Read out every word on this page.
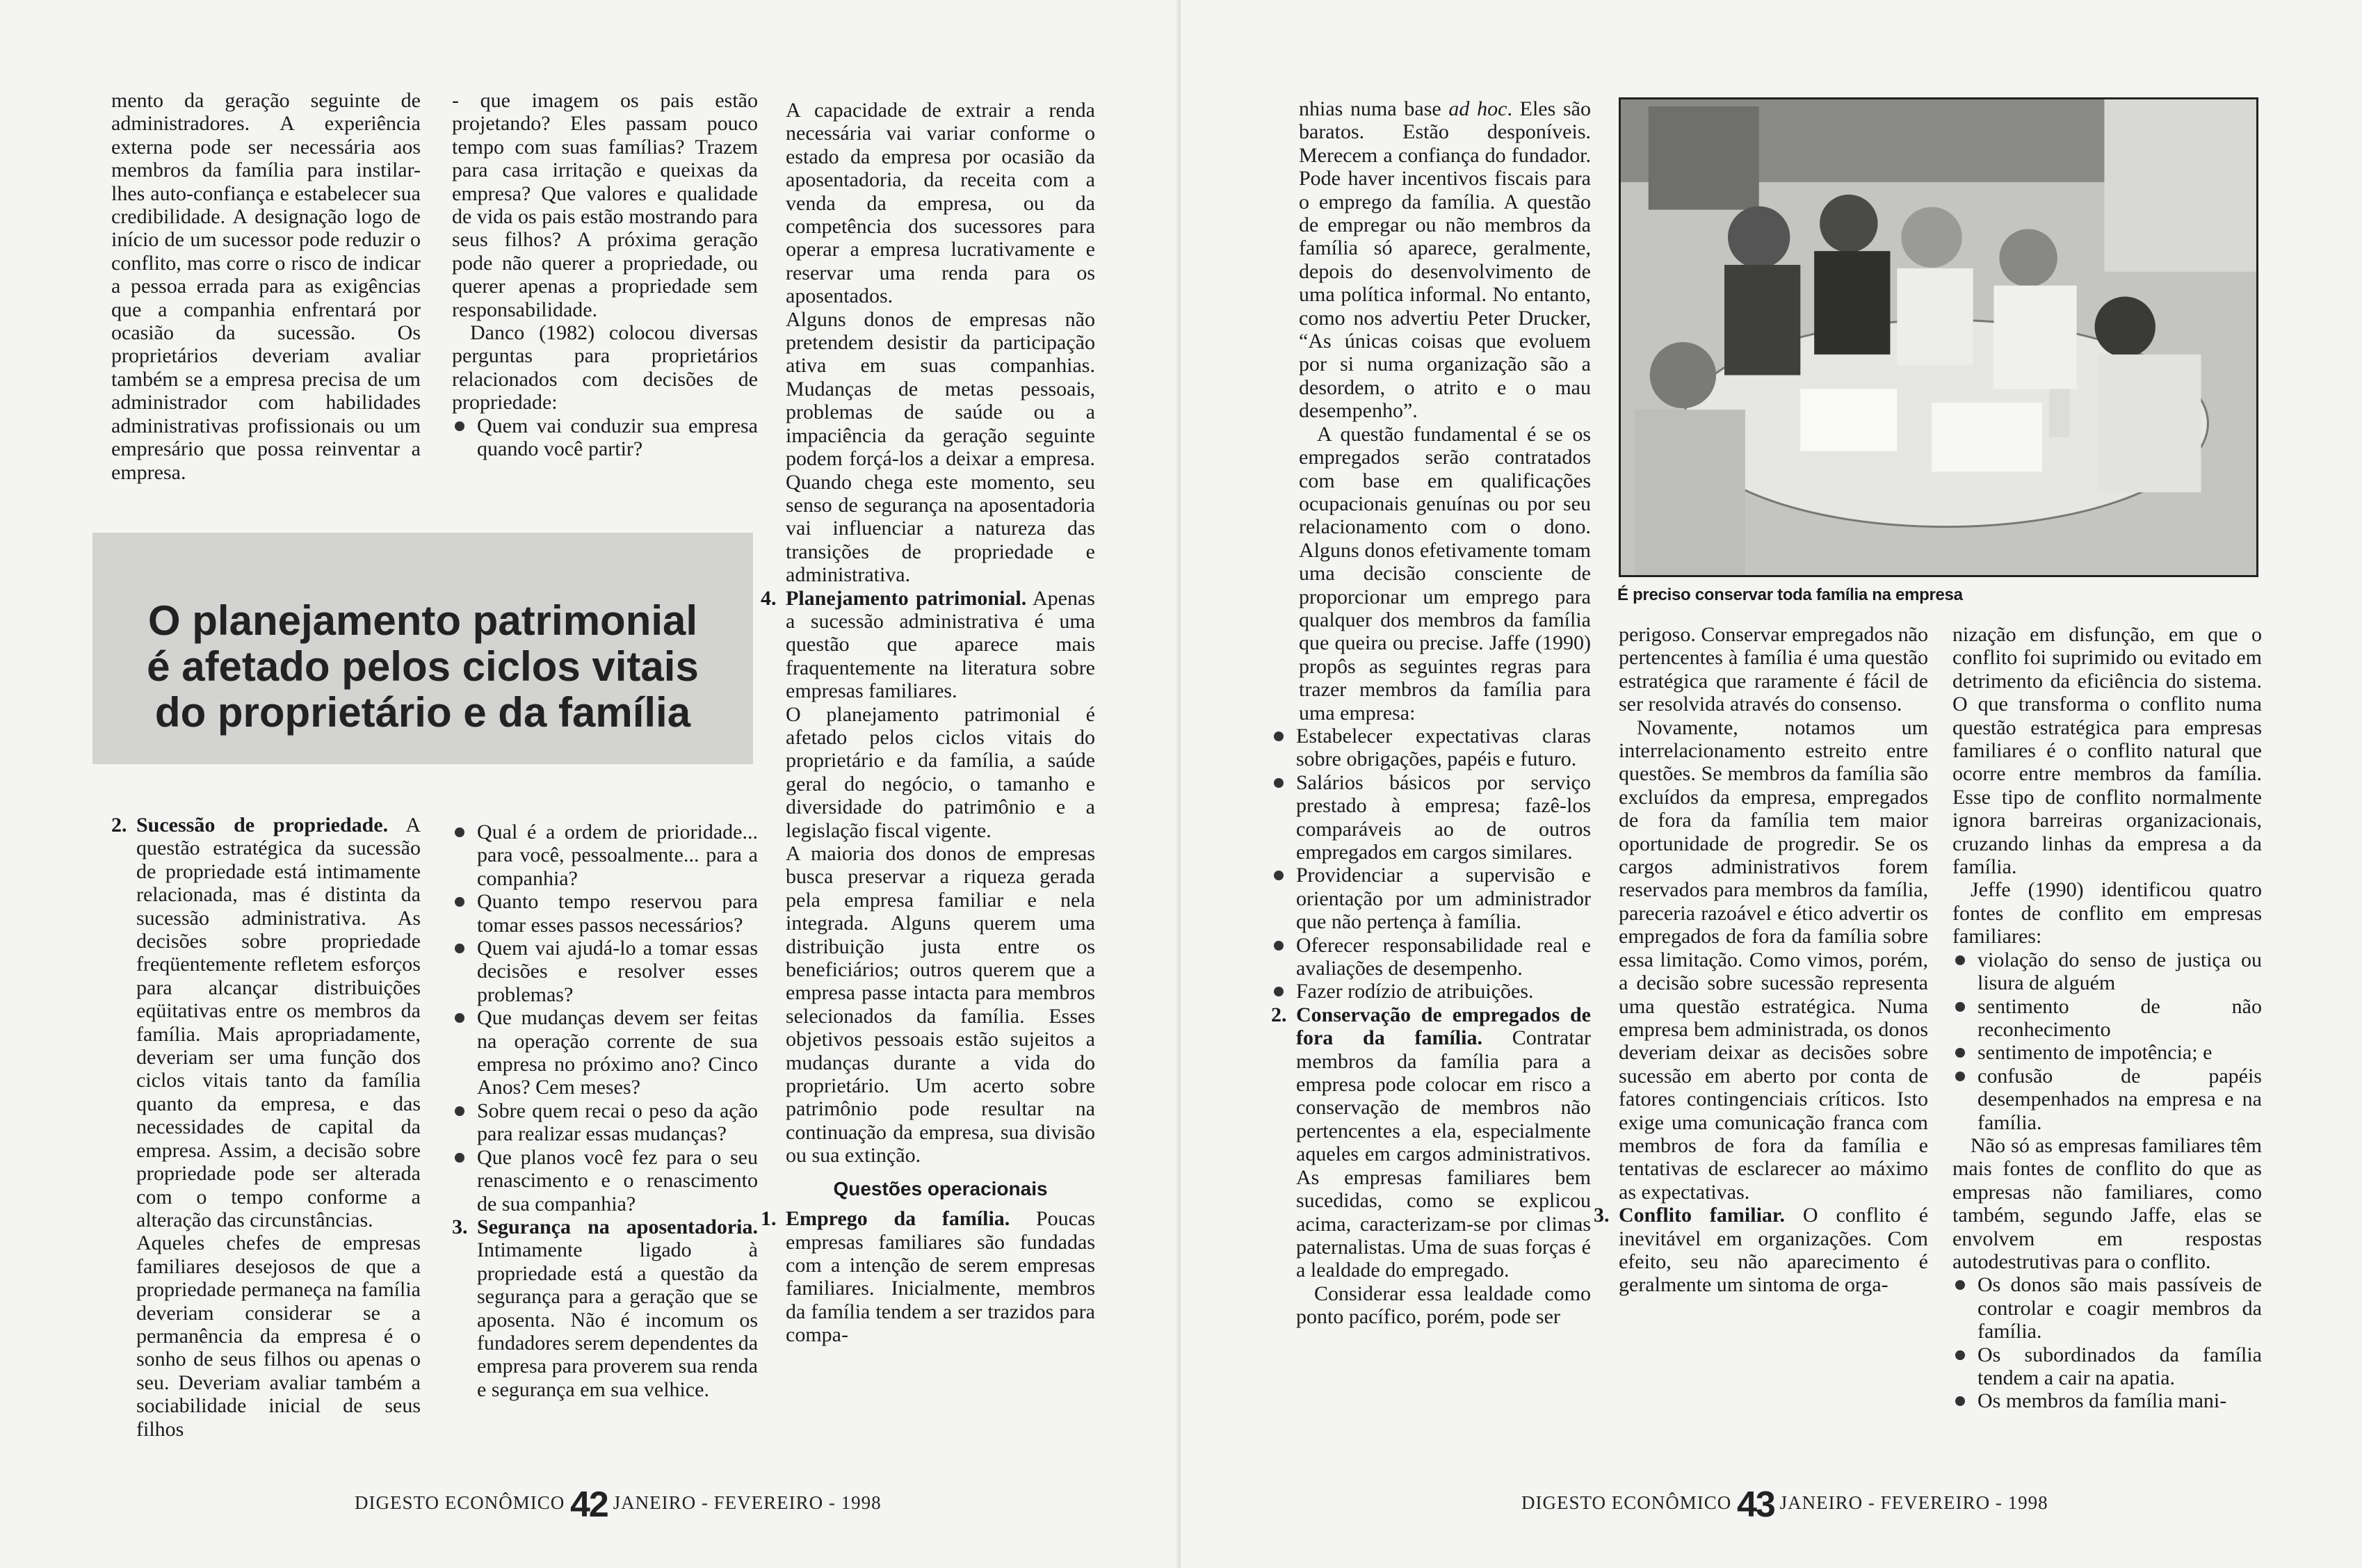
mento da geração seguinte de administradores. A experiência externa pode ser necessária aos membros da família para instilar-lhes auto-confiança e estabelecer sua credibilidade. A designação logo de início de um sucessor pode reduzir o conflito, mas corre o risco de indicar a pessoa errada para as exigências que a companhia enfrentará por ocasião da sucessão. Os proprietários deveriam avaliar também se a empresa precisa de um administrador com habilidades administrativas profissionais ou um empresário que possa reinventar a empresa.

- que imagem os pais estão projetando? Eles passam pouco tempo com suas famílias? Trazem para casa irritação e queixas da empresa? Que valores e qualidade de vida os pais estão mostrando para seus filhos? A próxima geração pode não querer a propriedade, ou querer apenas a propriedade sem responsabilidade.

Danco (1982) colocou diversas perguntas para proprietários relacionados com decisões de propriedade:

Quem vai conduzir sua empresa quando você partir?
O planejamento patrimonial
é afetado pelos ciclos vitais
do proprietário e da família
2. Sucessão de propriedade. A questão estratégica da sucessão de propriedade está intimamente relacionada, mas é distinta da sucessão administrativa. As decisões sobre propriedade freqüentemente refletem esforços para alcançar distribuições eqüitativas entre os membros da família. Mais apropriadamente, deveriam ser uma função dos ciclos vitais tanto da família quanto da empresa, e das necessidades de capital da empresa. Assim, a decisão sobre propriedade pode ser alterada com o tempo conforme a alteração das circunstâncias.

Aqueles chefes de empresas familiares desejosos de que a propriedade permaneça na família deveriam considerar se a permanência da empresa é o sonho de seus filhos ou apenas o seu. Deveriam avaliar também a sociabilidade inicial de seus filhos

Qual é a ordem de prioridade... para você, pessoalmente... para a companhia?
Quanto tempo reservou para tomar esses passos necessários?
Quem vai ajudá-lo a tomar essas decisões e resolver esses problemas?
Que mudanças devem ser feitas na operação corrente de sua empresa no próximo ano? Cinco Anos? Cem meses?
Sobre quem recai o peso da ação para realizar essas mudanças?
Que planos você fez para o seu renascimento e o renascimento de sua companhia?
3. Segurança na aposentadoria. Intimamente ligado à propriedade está a questão da segurança para a geração que se aposenta. Não é incomum os fundadores serem dependentes da empresa para proverem sua renda e segurança em sua velhice.

A capacidade de extrair a renda necessária vai variar conforme o estado da empresa por ocasião da aposentadoria, da receita com a venda da empresa, ou da competência dos sucessores para operar a empresa lucrativamente e reservar uma renda para os aposentados.

Alguns donos de empresas não pretendem desistir da participação ativa em suas companhias. Mudanças de metas pessoais, problemas de saúde ou a impaciência da geração seguinte podem forçá-los a deixar a empresa. Quando chega este momento, seu senso de segurança na aposentadoria vai influenciar a natureza das transições de propriedade e administrativa.

4. Planejamento patrimonial. Apenas a sucessão administrativa é uma questão que aparece mais fraquentemente na literatura sobre empresas familiares.

O planejamento patrimonial é afetado pelos ciclos vitais do proprietário e da família, a saúde geral do negócio, o tamanho e diversidade do patrimônio e a legislação fiscal vigente.

A maioria dos donos de empresas busca preservar a riqueza gerada pela empresa familiar e nela integrada. Alguns querem uma distribuição justa entre os beneficiários; outros querem que a empresa passe intacta para membros selecionados da família. Esses objetivos pessoais estão sujeitos a mudanças durante a vida do proprietário. Um acerto sobre patrimônio pode resultar na continuação da empresa, sua divisão ou sua extinção.

Questões operacionais
1. Emprego da família. Poucas empresas familiares são fundadas com a intenção de serem empresas familiares. Inicialmente, membros da família tendem a ser trazidos para compa-
DIGESTO ECONÔMICO 42 JANEIRO - FEVEREIRO - 1998

nhias numa base ad hoc. Eles são baratos. Estão desponíveis. Merecem a confiança do fundador. Pode haver incentivos fiscais para o emprego da família. A questão de empregar ou não membros da família só aparece, geralmente, depois do desenvolvimento de uma política informal. No entanto, como nos advertiu Peter Drucker, “As únicas coisas que evoluem por si numa organização são a desordem, o atrito e o mau desempenho”.

A questão fundamental é se os empregados serão contratados com base em qualificações ocupacionais genuínas ou por seu relacionamento com o dono. Alguns donos efetivamente tomam uma decisão consciente de proporcionar um emprego para qualquer dos membros da família que queira ou precise. Jaffe (1990) propôs as seguintes regras para trazer membros da família para uma empresa:

Estabelecer expectativas claras sobre obrigações, papéis e futuro.
Salários básicos por serviço prestado à empresa; fazê-los comparáveis ao de outros empregados em cargos similares.
Providenciar a supervisão e orientação por um administrador que não pertença à família.
Oferecer responsabilidade real e avaliações de desempenho.
Fazer rodízio de atribuições.
2. Conservação de empregados de fora da família. Contratar membros da família para a empresa pode colocar em risco a conservação de membros não pertencentes a ela, especialmente aqueles em cargos administrativos. As empresas familiares bem sucedidas, como se explicou acima, caracterizam-se por climas paternalistas. Uma de suas forças é a lealdade do empregado.

Considerar essa lealdade como ponto pacífico, porém, pode ser

É preciso conservar toda família na empresa

perigoso. Conservar empregados não pertencentes à família é uma questão estratégica que raramente é fácil de ser resolvida através do consenso.

Novamente, notamos um interrelacionamento estreito entre questões. Se membros da família são excluídos da empresa, empregados de fora da família tem maior oportunidade de progredir. Se os cargos administrativos forem reservados para membros da família, pareceria razoável e ético advertir os empregados de fora da família sobre essa limitação. Como vimos, porém, a decisão sobre sucessão representa uma questão estratégica. Numa empresa bem administrada, os donos deveriam deixar as decisões sobre sucessão em aberto por conta de fatores contingenciais críticos. Isto exige uma comunicação franca com membros de fora da família e tentativas de esclarecer ao máximo as expectativas.

3. Conflito familiar. O conflito é inevitável em organizações. Com efeito, seu não aparecimento é geralmente um sintoma de orga-

nização em disfunção, em que o conflito foi suprimido ou evitado em detrimento da eficiência do sistema. O que transforma o conflito numa questão estratégica para empresas familiares é o conflito natural que ocorre entre membros da família. Esse tipo de conflito normalmente ignora barreiras organizacionais, cruzando linhas da empresa a da família.

Jeffe (1990) identificou quatro fontes de conflito em empresas familiares:

violação do senso de justiça ou lisura de alguém
sentimento de não reconhecimento
sentimento de impotência; e
confusão de papéis desempenhados na empresa e na família.

Não só as empresas familiares têm mais fontes de conflito do que as empresas não familiares, como também, segundo Jaffe, elas se envolvem em respostas autodestrutivas para o conflito.

Os donos são mais passíveis de controlar e coagir membros da família.
Os subordinados da família tendem a cair na apatia.
Os membros da família mani-
DIGESTO ECONÔMICO 43 JANEIRO - FEVEREIRO - 1998
